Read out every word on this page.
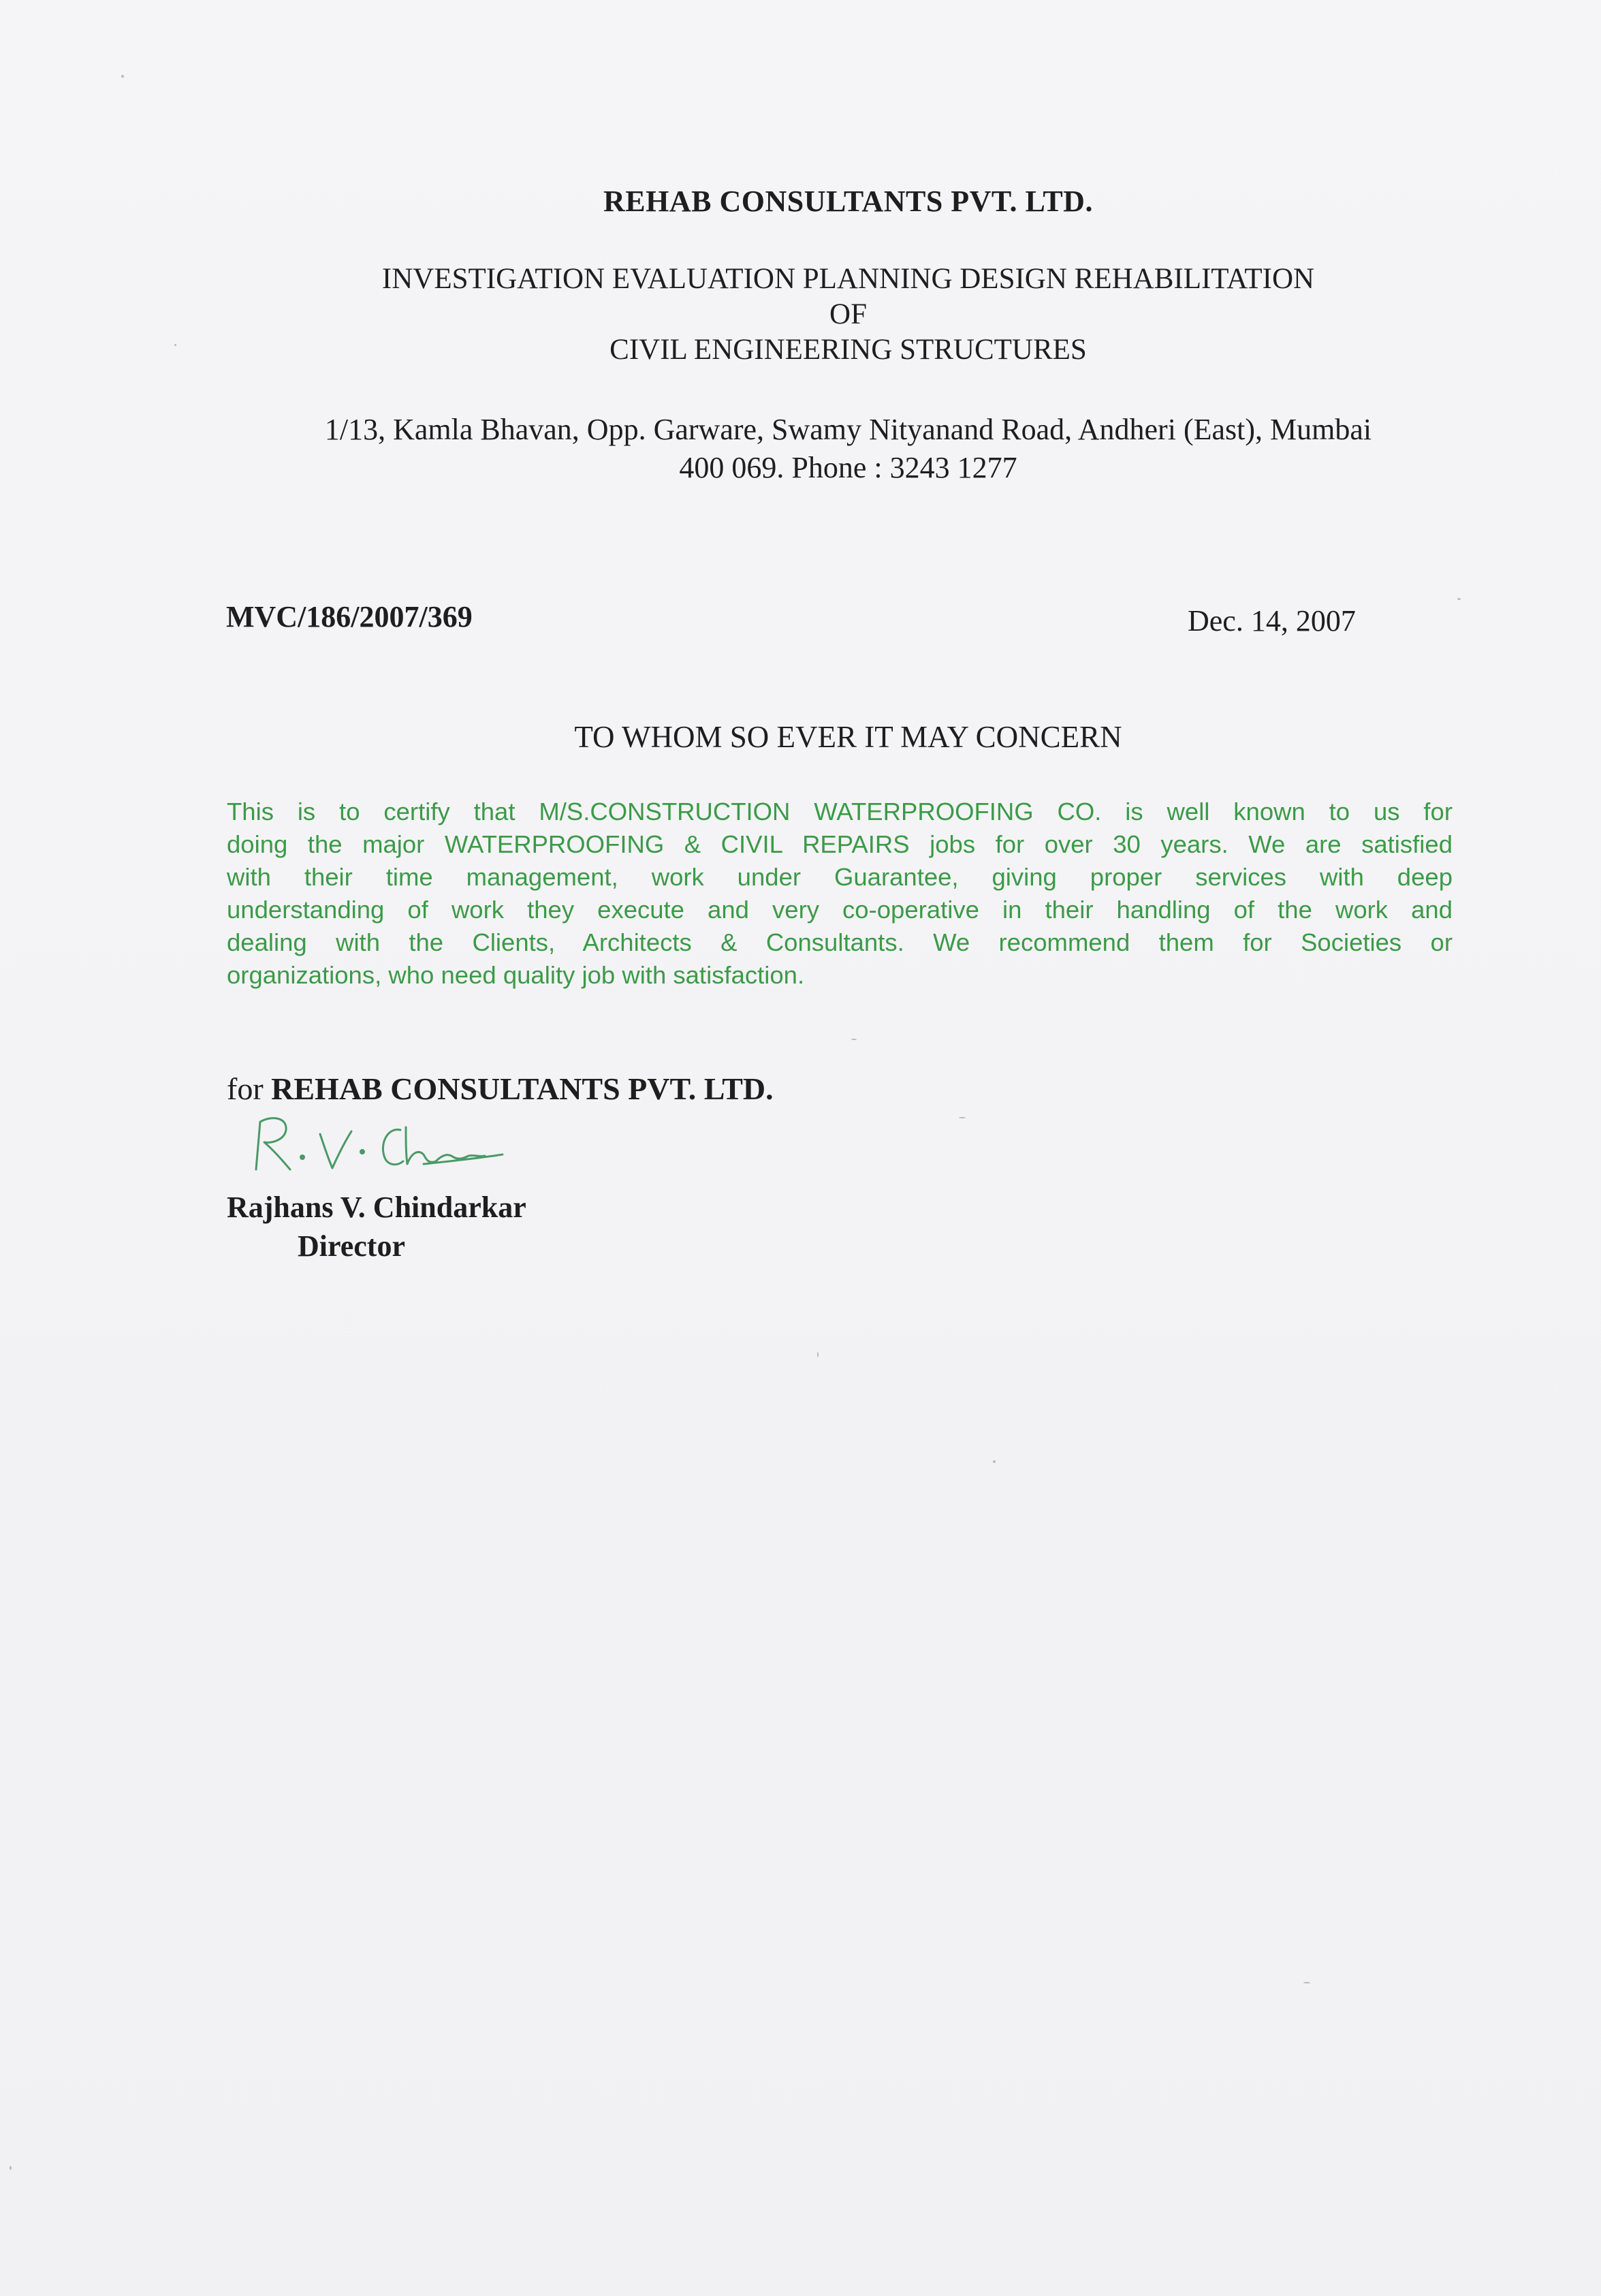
REHAB CONSULTANTS PVT. LTD.
INVESTIGATION EVALUATION PLANNING DESIGN REHABILITATION
OF
CIVIL ENGINEERING STRUCTURES
1/13, Kamla Bhavan, Opp. Garware, Swamy Nityanand Road, Andheri (East), Mumbai
400 069. Phone : 3243 1277
MVC/186/2007/369	Dec. 14, 2007
TO WHOM SO EVER IT MAY CONCERN
This is to certify that M/S.CONSTRUCTION WATERPROOFING CO. is well known to us for
doing the major WATERPROOFING & CIVIL REPAIRS jobs for over 30 years. We are satisfied
with their time management, work under Guarantee, giving proper services with deep
understanding of work they execute and very co-operative in their handling of the work and
dealing with the Clients, Architects & Consultants. We recommend them for Societies or
organizations, who need quality job with satisfaction.
for REHAB CONSULTANTS PVT. LTD.
Rajhans V. Chindarkar
Director
